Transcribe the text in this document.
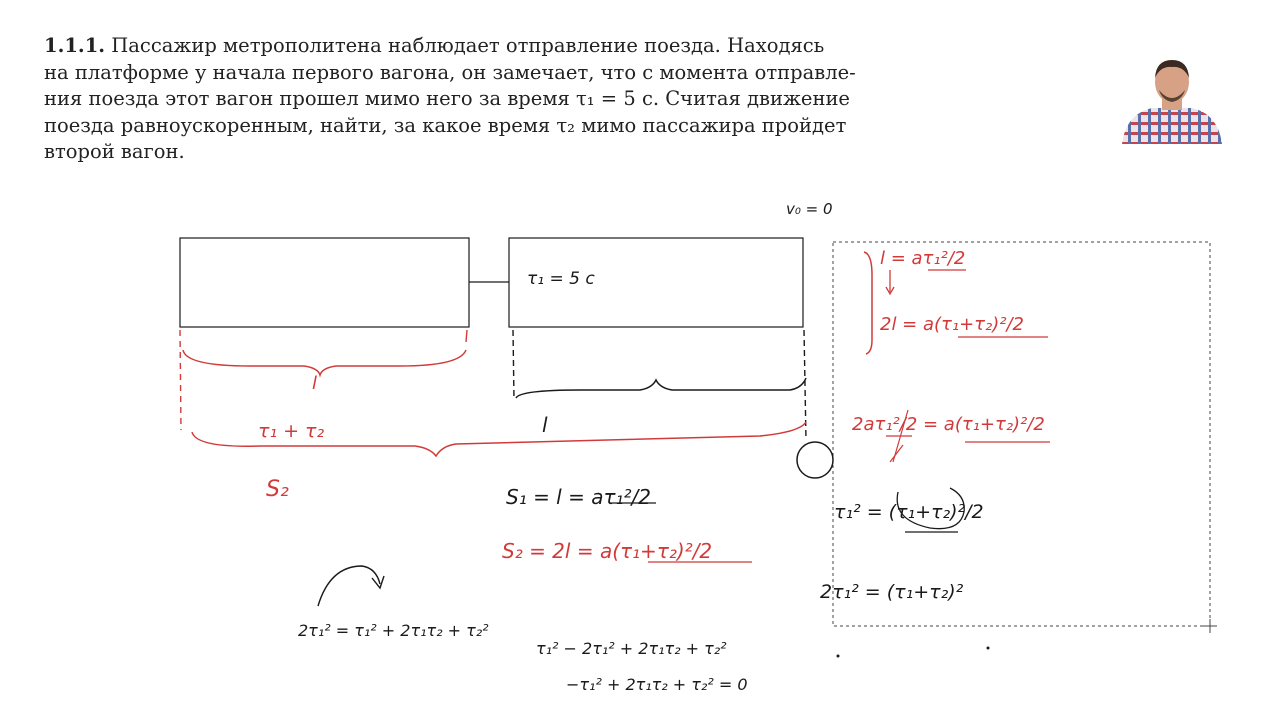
1.1.1. Пассажир метрополитена наблюдает отправление поезда. Находясь
на платформе у начала первого вагона, он замечает, что с момента отправле-
ния поезда этот вагон прошел мимо него за время τ₁ = 5 с. Считая движение
поезда равноускоренным, найти, за какое время τ₂ мимо пассажира пройдет
второй вагон.
v₀ = 0
τ₁ = 5 c
l
l
τ₁ + τ₂
S₂	S₁ = l = aτ₁²/2
S₂ = 2l = a(τ₁+τ₂)²/2
l = aτ₁²/2
2l = a(τ₁+τ₂)²/2
2aτ₁²/2 = a(τ₁+τ₂)²/2
τ₁² = (τ₁+τ₂)²/2
2τ₁² = (τ₁+τ₂)²
2τ₁² = τ₁² + 2τ₁τ₂ + τ₂²
τ₁² − 2τ₁² + 2τ₁τ₂ + τ₂²
−τ₁² + 2τ₁τ₂ + τ₂² = 0
